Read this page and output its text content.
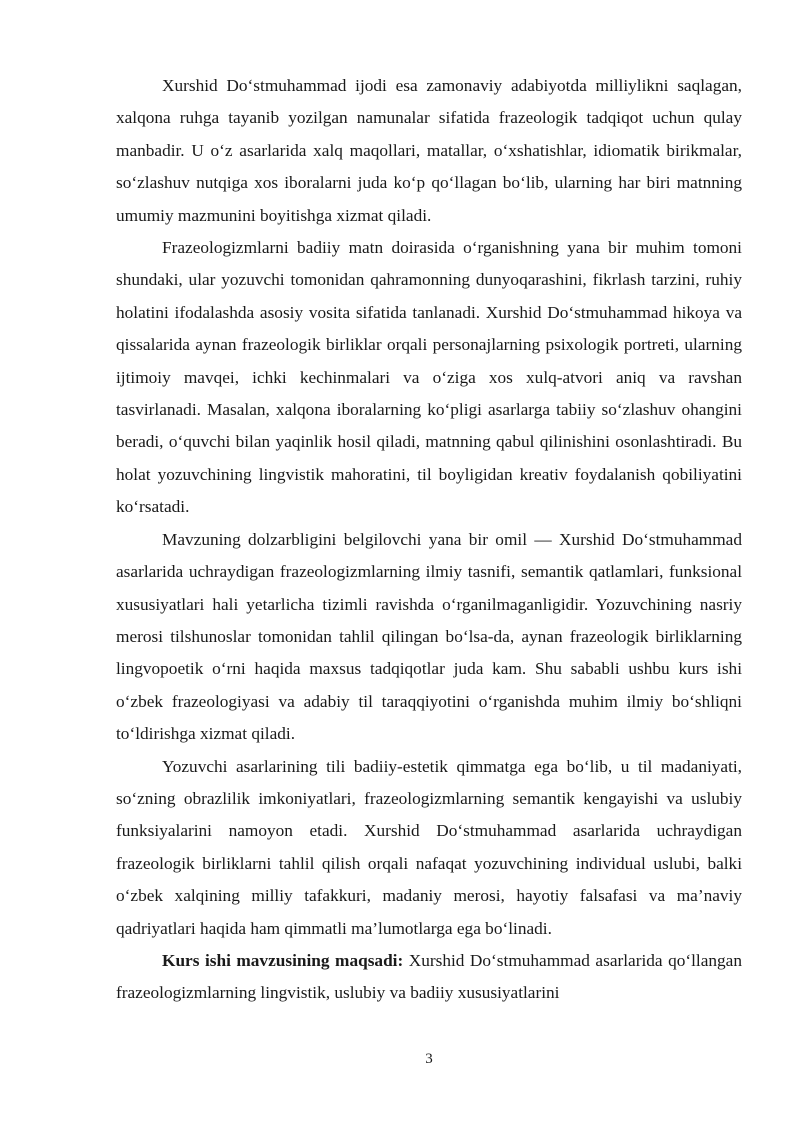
Xurshid Do‘stmuhammad ijodi esa zamonaviy adabiyotda milliylikni saqlagan, xalqona ruhga tayanib yozilgan namunalar sifatida frazeologik tadqiqot uchun qulay manbadir. U o‘z asarlarida xalq maqollari, matallar, o‘xshatishlar, idiomatik birikmalar, so‘zlashuv nutqiga xos iboralarni juda ko‘p qo‘llagan bo‘lib, ularning har biri matnning umumiy mazmunini boyitishga xizmat qiladi.

Frazeologizmlarni badiiy matn doirasida o‘rganishning yana bir muhim tomoni shundaki, ular yozuvchi tomonidan qahramonning dunyoqarashini, fikrlash tarzini, ruhiy holatini ifodalashda asosiy vosita sifatida tanlanadi. Xurshid Do‘stmuhammad hikoya va qissalarida aynan frazeologik birliklar orqali personajlarning psixologik portreti, ularning ijtimoiy mavqei, ichki kechinmalari va o‘ziga xos xulq-atvori aniq va ravshan tasvirlanadi. Masalan, xalqona iboralarning ko‘pligi asarlarga tabiiy so‘zlashuv ohangini beradi, o‘quvchi bilan yaqinlik hosil qiladi, matnning qabul qilinishini osonlashtiradi. Bu holat yozuvchining lingvistik mahoratini, til boyligidan kreativ foydalanish qobiliyatini ko‘rsatadi.

Mavzuning dolzarbligini belgilovchi yana bir omil — Xurshid Do‘stmuhammad asarlarida uchraydigan frazeologizmlarning ilmiy tasnifi, semantik qatlamlari, funksional xususiyatlari hali yetarlicha tizimli ravishda o‘rganilmaganligidir. Yozuvchining nasriy merosi tilshunoslar tomonidan tahlil qilingan bo‘lsa-da, aynan frazeologik birliklarning lingvopoetik o‘rni haqida maxsus tadqiqotlar juda kam. Shu sababli ushbu kurs ishi o‘zbek frazeologiyasi va adabiy til taraqqiyotini o‘rganishda muhim ilmiy bo‘shliqni to‘ldirishga xizmat qiladi.

Yozuvchi asarlarining tili badiiy-estetik qimmatga ega bo‘lib, u til madaniyati, so‘zning obrazlilik imkoniyatlari, frazeologizmlarning semantik kengayishi va uslubiy funksiyalarini namoyon etadi. Xurshid Do‘stmuhammad asarlarida uchraydigan frazeologik birliklarni tahlil qilish orqali nafaqat yozuvchining individual uslubi, balki o‘zbek xalqining milliy tafakkuri, madaniy merosi, hayotiy falsafasi va ma’naviy qadriyatlari haqida ham qimmatli ma’lumotlarga ega bo‘linadi.

Kurs ishi mavzusining maqsadi: Xurshid Do‘stmuhammad asarlarida qo‘llangan frazeologizmlarning lingvistik, uslubiy va badiiy xususiyatlarini

3
